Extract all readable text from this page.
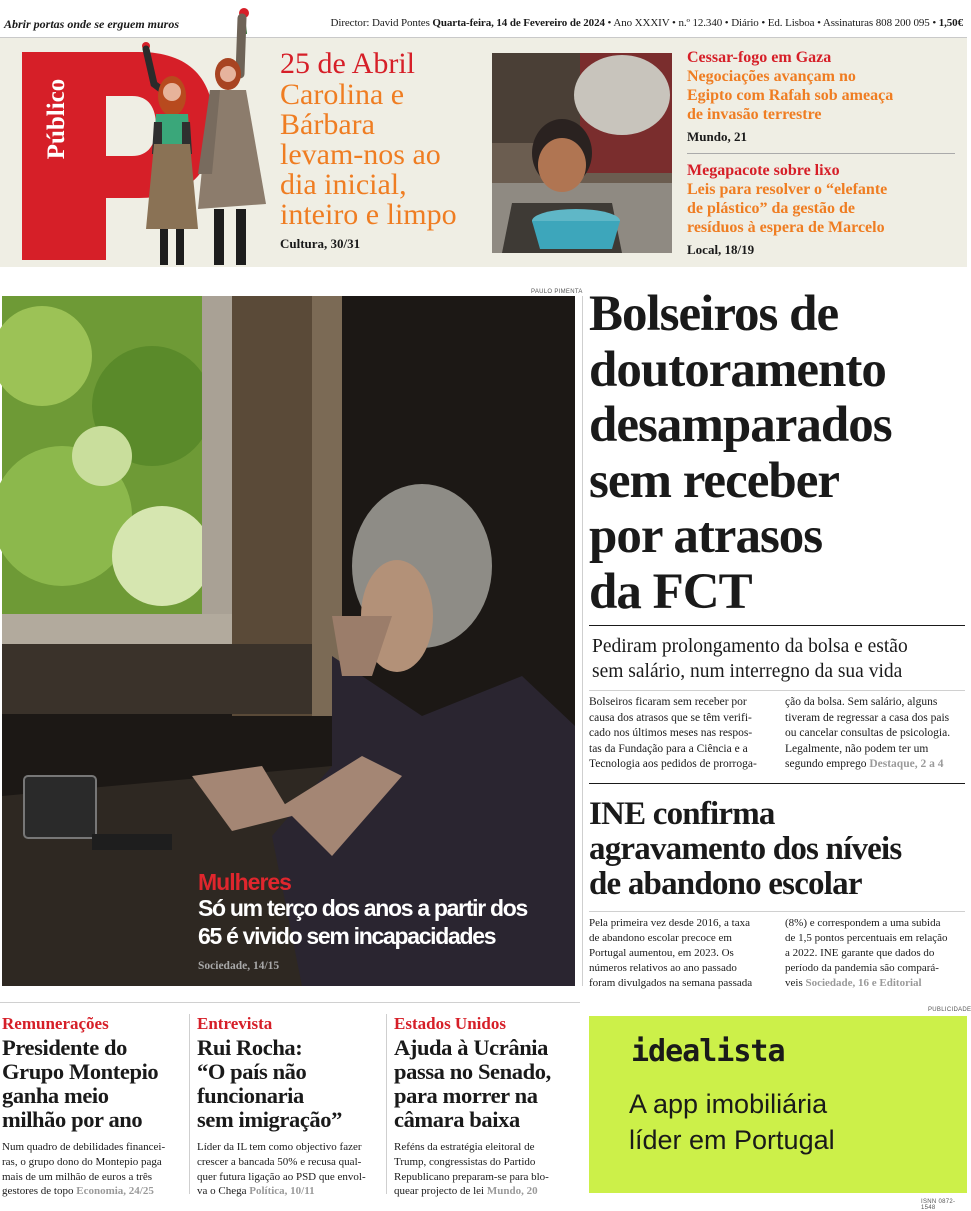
Abrir portas onde se erguem muros	Director: David Pontes Quarta-feira, 14 de Fevereiro de 2024 • Ano XXXIV • n.º 12.340 • Diário • Ed. Lisboa • Assinaturas 808 200 095 • 1,50€
Público
25 de Abril
Carolina e
Bárbara
levam-nos ao
dia inicial,
inteiro e limpo
Cultura, 30/31
Cessar-fogo em Gaza
Negociações avançam no
Egipto com Rafah sob ameaça
de invasão terrestre
Mundo, 21
Megapacote sobre lixo
Leis para resolver o “elefante
de plástico” da gestão de
resíduos à espera de Marcelo
Local, 18/19
PAULO PIMENTA
Mulheres
Só um terço dos anos a partir dos
65 é vivido sem incapacidades
Sociedade, 14/15
Bolseiros de
doutoramento
desamparados
sem receber
por atrasos
da FCT
Pediram prolongamento da bolsa e estão
sem salário, num interregno da sua vida
Bolseiros ficaram sem receber por
causa dos atrasos que se têm verifi-
cado nos últimos meses nas respos-
tas da Fundação para a Ciência e a
Tecnologia aos pedidos de prorroga-
ção da bolsa. Sem salário, alguns
tiveram de regressar a casa dos pais
ou cancelar consultas de psicologia.
Legalmente, não podem ter um
segundo emprego Destaque, 2 a 4
INE confirma
agravamento dos níveis
de abandono escolar
Pela primeira vez desde 2016, a taxa
de abandono escolar precoce em
Portugal aumentou, em 2023. Os
números relativos ao ano passado
foram divulgados na semana passada
(8%) e correspondem a uma subida
de 1,5 pontos percentuais em relação
a 2022. INE garante que dados do
período da pandemia são compará-
veis Sociedade, 16 e Editorial
Remunerações
Presidente do
Grupo Montepio
ganha meio
milhão por ano
Num quadro de debilidades financei-
ras, o grupo dono do Montepio paga
mais de um milhão de euros a três
gestores de topo Economia, 24/25
Entrevista
Rui Rocha:
“O país não
funcionaria
sem imigração”
Líder da IL tem como objectivo fazer
crescer a bancada 50% e recusa qual-
quer futura ligação ao PSD que envol-
va o Chega Política, 10/11
Estados Unidos
Ajuda à Ucrânia
passa no Senado,
para morrer na
câmara baixa
Reféns da estratégia eleitoral de
Trump, congressistas do Partido
Republicano preparam-se para blo-
quear projecto de lei Mundo, 20
PUBLICIDADE
idealista
A app imobiliária
líder em Portugal
ISNN 0872-1548
